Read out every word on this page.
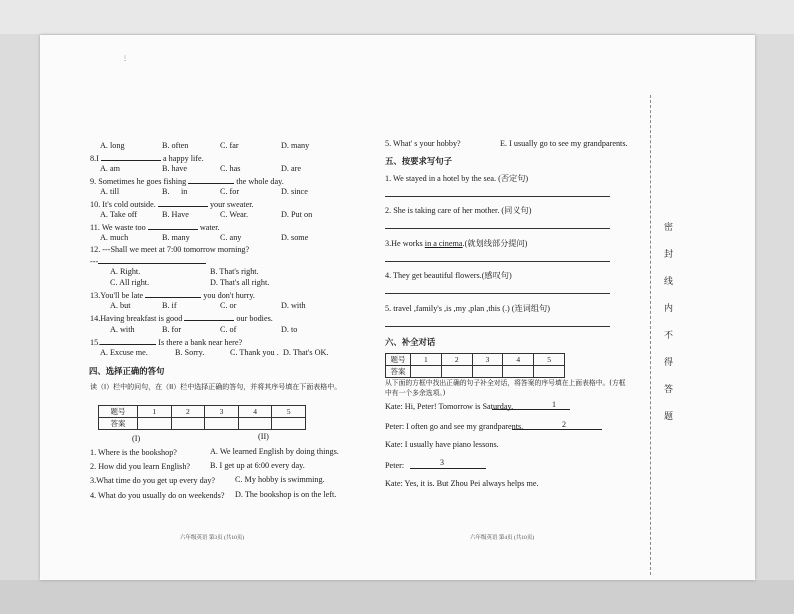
⋮
A. long	B. often	C. far	D. many
8.I	a happy life.
A. am	B. have	C. has	D. are
9. Sometimes he goes fishing	the whole day.
A. till	B. in	C. for	D. since
10. It's cold outside.	your sweater.
A. Take off	B. Have	C. Wear.	D. Put on
11. We waste too	water.
A. much	B. many	C. any	D. some
12. ---Shall we meet at 7:00 tomorrow morning?
---
A. Right.	B. That's right.
C. All right.	D. That's all right.
13.You'll be late	you don't hurry.
A. but	B. if	C. or	D. with
14.Having breakfast is good	our bodies.
A. with	B. for	C. of	D. to
15.	Is there a bank near here?
A. Excuse me.	B. Sorry.	C. Thank you . D. That's OK.
四、选择正确的答句
读（I）栏中的问句，在（II）栏中选择正确的答句，并将其序号填在下面表格中。
题号	1	2	3	4	5
答案					
(I)	(II)
1. Where is the bookshop?	A. We learned English by doing things.
2. How did you learn English? B. I get up at 6:00 every day.
3.What time do you get up every day? C. My hobby is swimming.
4. What do you usually do on weekends? D. The bookshop is on the left.
六年级英语 第3页 (共10页)
5. What' s your hobby?	E. I usually go to see my grandparents.
五、按要求写句子
1. We stayed in a hotel by the sea. (否定句)
2. She is taking care of her mother. (同义句)
3.He works in a cinema.(就划线部分提问)
4. They get beautiful flowers.(感叹句)
5. travel ,family's ,is ,my ,plan ,this (.) (连词组句)
六、补全对话
题号	1	2	3	4	5
答案					
从下面的方框中找出正确的句子补全对话，将答案的序号填在上面表格中。(方框
中有一个多余选项。)
Kate: Hi, Peter! Tomorrow is Saturday.	1
Peter: I often go and see my grandparents.	2
Kate: I usually have piano lessons.
Peter:	3
Kate: Yes, it is. But Zhou Pei always helps me.
六年级英语 第4页 (共10页)
密
封
线
内
不
得
答
题
